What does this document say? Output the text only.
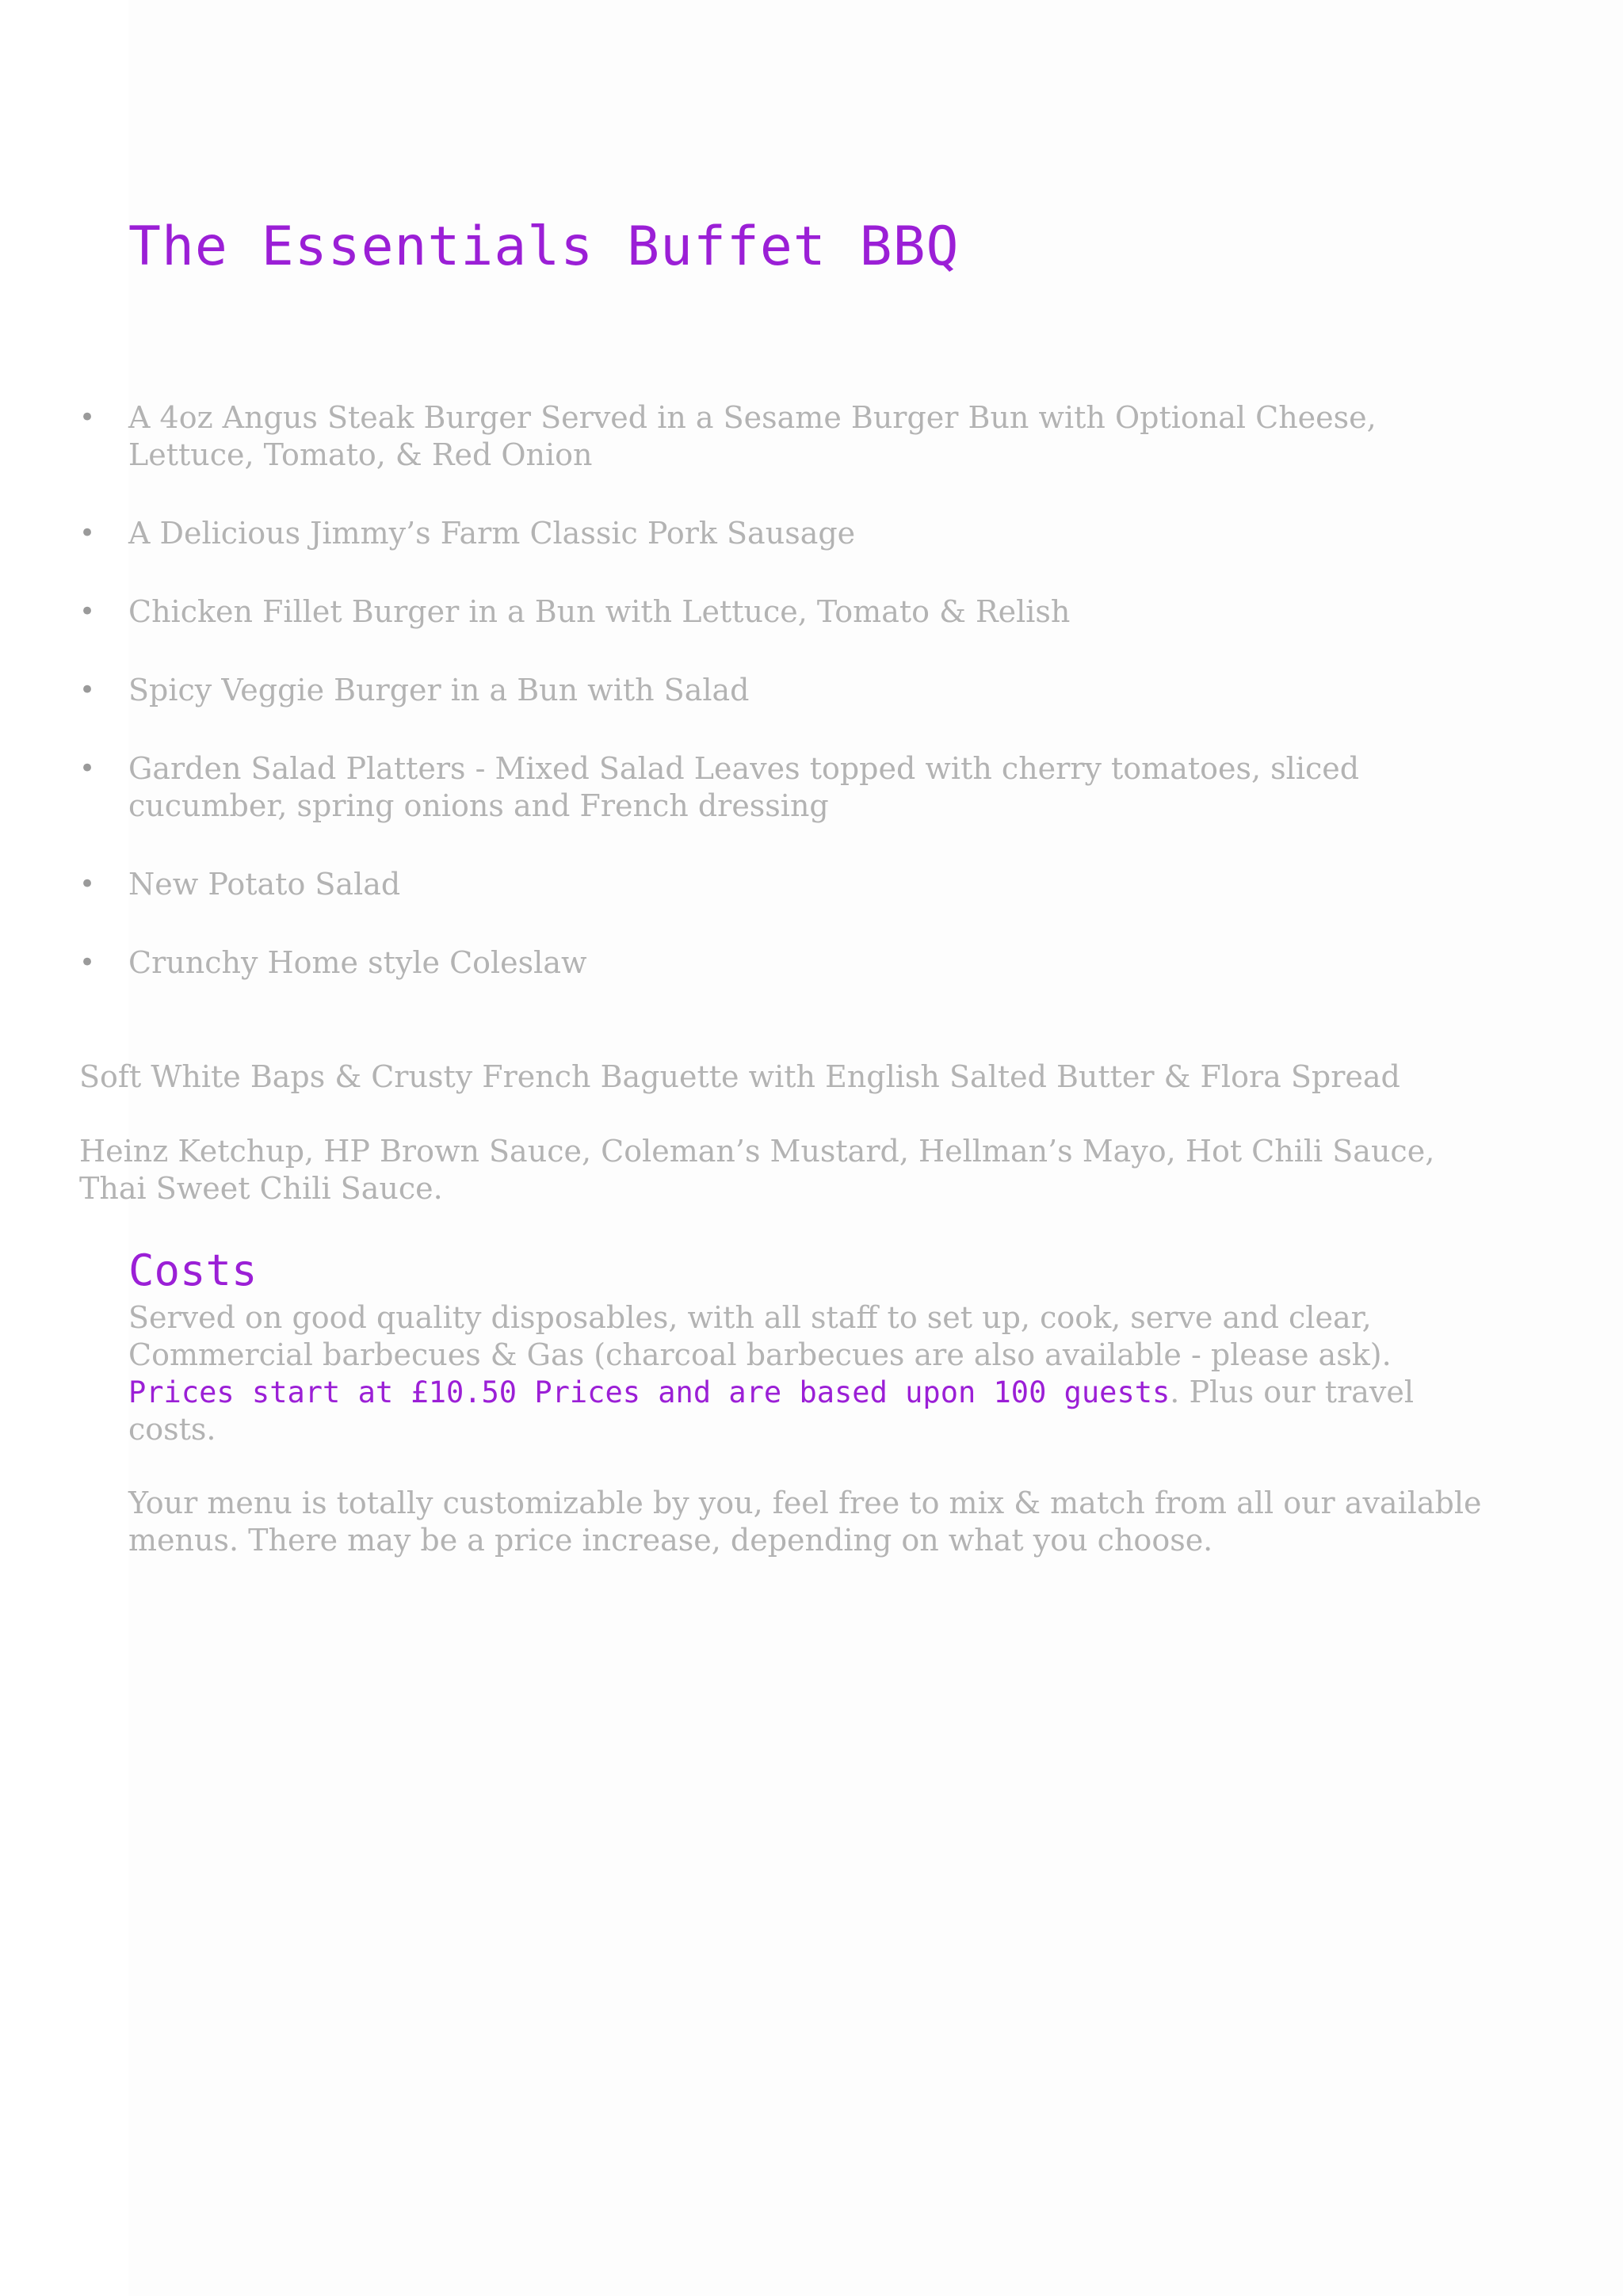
The Essentials Buffet BBQ
• A 4oz Angus Steak Burger Served in a Sesame Burger Bun with Optional Cheese, Lettuce, Tomato, & Red Onion
• A Delicious Jimmy’s Farm Classic Pork Sausage
• Chicken Fillet Burger in a Bun with Lettuce, Tomato & Relish
• Spicy Veggie Burger in a Bun with Salad
• Garden Salad Platters - Mixed Salad Leaves topped with cherry tomatoes, sliced cucumber, spring onions and French dressing
• New Potato Salad
• Crunchy Home style Coleslaw

Soft White Baps & Crusty French Baguette with English Salted Butter & Flora Spread

Heinz Ketchup, HP Brown Sauce, Coleman’s Mustard, Hellman’s Mayo, Hot Chili Sauce, Thai Sweet Chili Sauce.

Costs

Served on good quality disposables, with all staff to set up, cook, serve and clear, Commercial barbecues & Gas (charcoal barbecues are also available - please ask). Prices start at £10.50 Prices and are based upon 100 guests. Plus our travel costs.

Your menu is totally customizable by you, feel free to mix & match from all our available menus. There may be a price increase, depending on what you choose.
